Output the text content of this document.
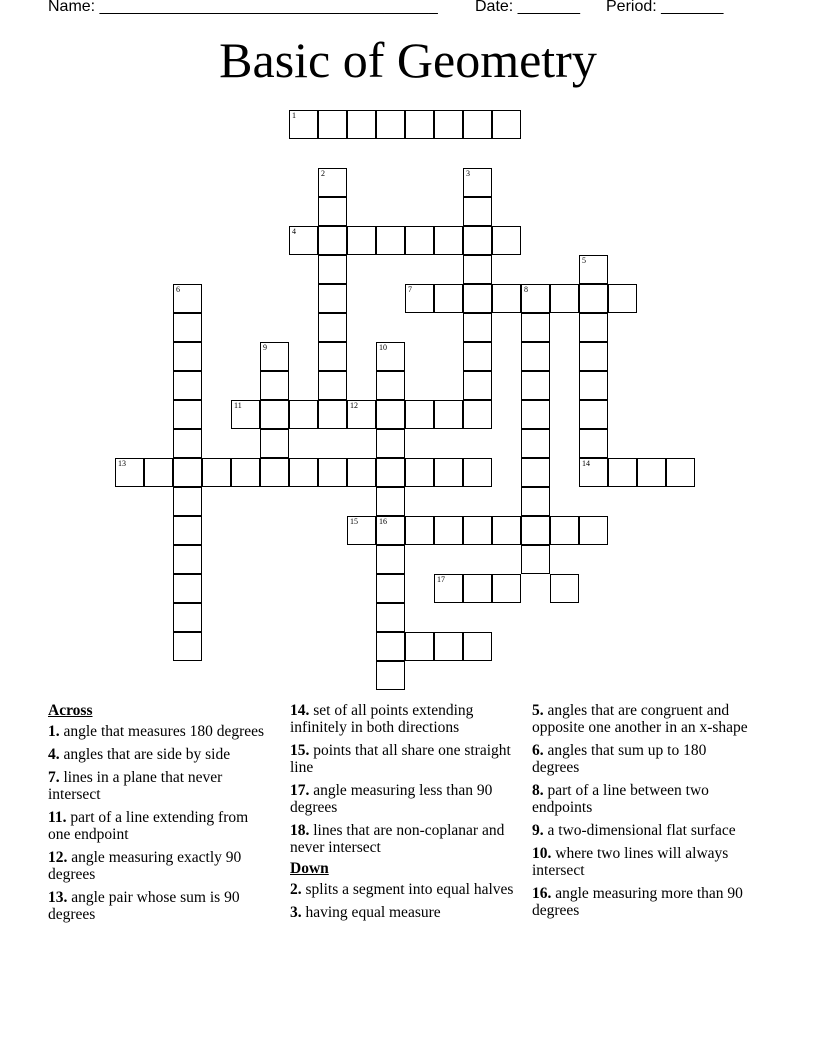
Name: ______________________________________ Date: _______ Period: _______
Basic of Geometry
1
2	3
4
5
6	7	8
9	10
11	12
13	14
15	16
17
Across
1. angle that measures 180 degrees
4. angles that are side by side
7. lines in a plane that never intersect
11. part of a line extending from one endpoint
12. angle measuring exactly 90 degrees
13. angle pair whose sum is 90 degrees
14. set of all points extending infinitely in both directions
15. points that all share one straight line
17. angle measuring less than 90 degrees
18. lines that are non-coplanar and never intersect
Down
2. splits a segment into equal halves
3. having equal measure
5. angles that are congruent and opposite one another in an x-shape
6. angles that sum up to 180 degrees
8. part of a line between two endpoints
9. a two-dimensional flat surface
10. where two lines will always intersect
16. angle measuring more than 90 degrees
